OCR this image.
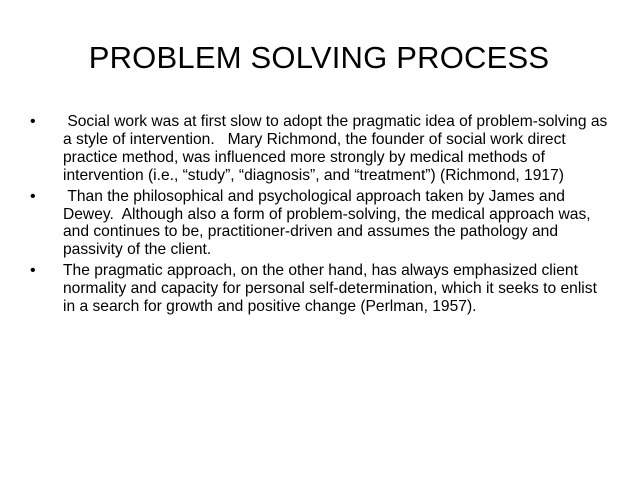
PROBLEM SOLVING PROCESS
•	Social work was at first slow to adopt the pragmatic idea of problem-solving as a style of intervention.   Mary Richmond, the founder of social work direct practice method, was influenced more strongly by medical methods of intervention (i.e., “study”, “diagnosis”, and “treatment”) (Richmond, 1917)
•	Than the philosophical and psychological approach taken by James and Dewey.  Although also a form of problem-solving, the medical approach was, and continues to be, practitioner-driven and assumes the pathology and passivity of the client.
•	The pragmatic approach, on the other hand, has always emphasized client normality and capacity for personal self-determination, which it seeks to enlist in a search for growth and positive change (Perlman, 1957).
